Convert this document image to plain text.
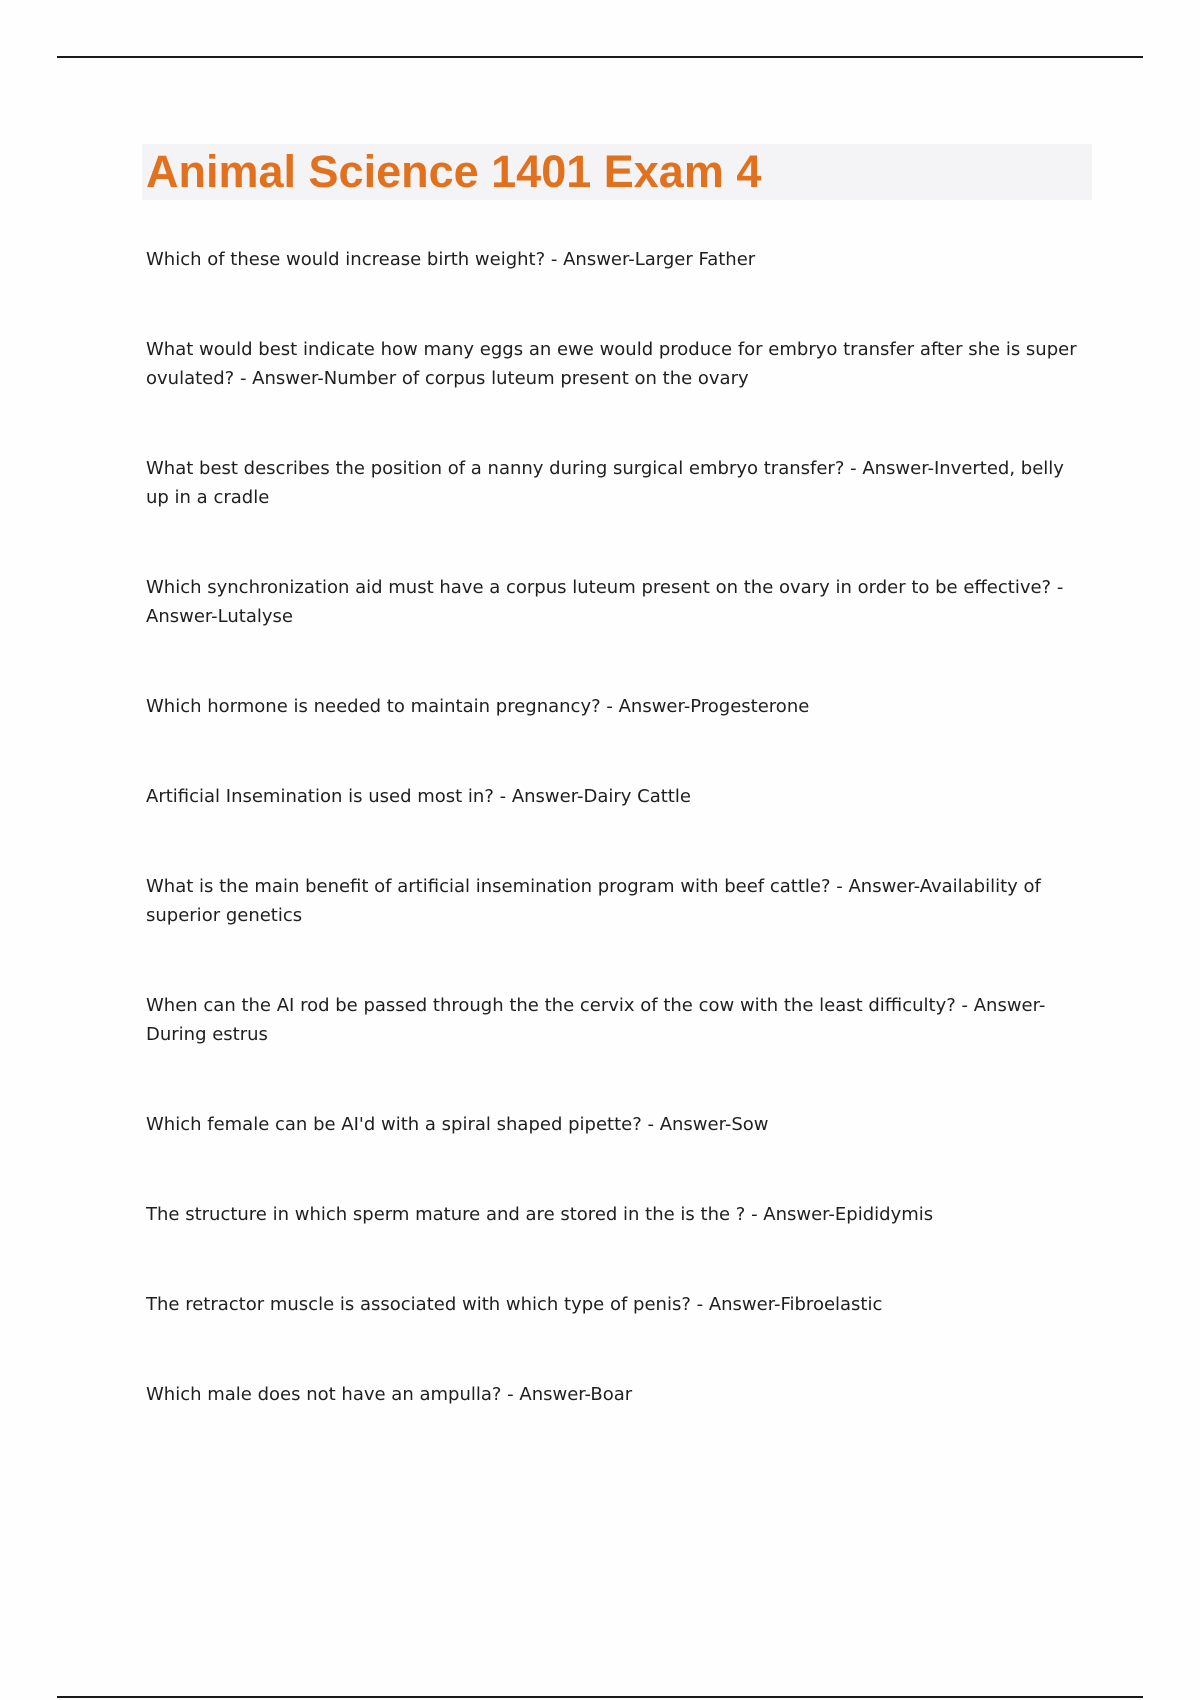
Animal Science 1401 Exam 4
Which of these would increase birth weight? - Answer-Larger Father
What would best indicate how many eggs an ewe would produce for embryo transfer after she is super ovulated? - Answer-Number of corpus luteum present on the ovary
What best describes the position of a nanny during surgical embryo transfer? - Answer-Inverted, belly up in a cradle
Which synchronization aid must have a corpus luteum present on the ovary in order to be effective? - Answer-Lutalyse
Which hormone is needed to maintain pregnancy? - Answer-Progesterone
Artificial Insemination is used most in? - Answer-Dairy Cattle
What is the main benefit of artificial insemination program with beef cattle? - Answer-Availability of superior genetics
When can the AI rod be passed through the the cervix of the cow with the least difficulty? - Answer-During estrus
Which female can be AI'd with a spiral shaped pipette? - Answer-Sow
The structure in which sperm mature and are stored in the is the ? - Answer-Epididymis
The retractor muscle is associated with which type of penis? - Answer-Fibroelastic
Which male does not have an ampulla? - Answer-Boar
